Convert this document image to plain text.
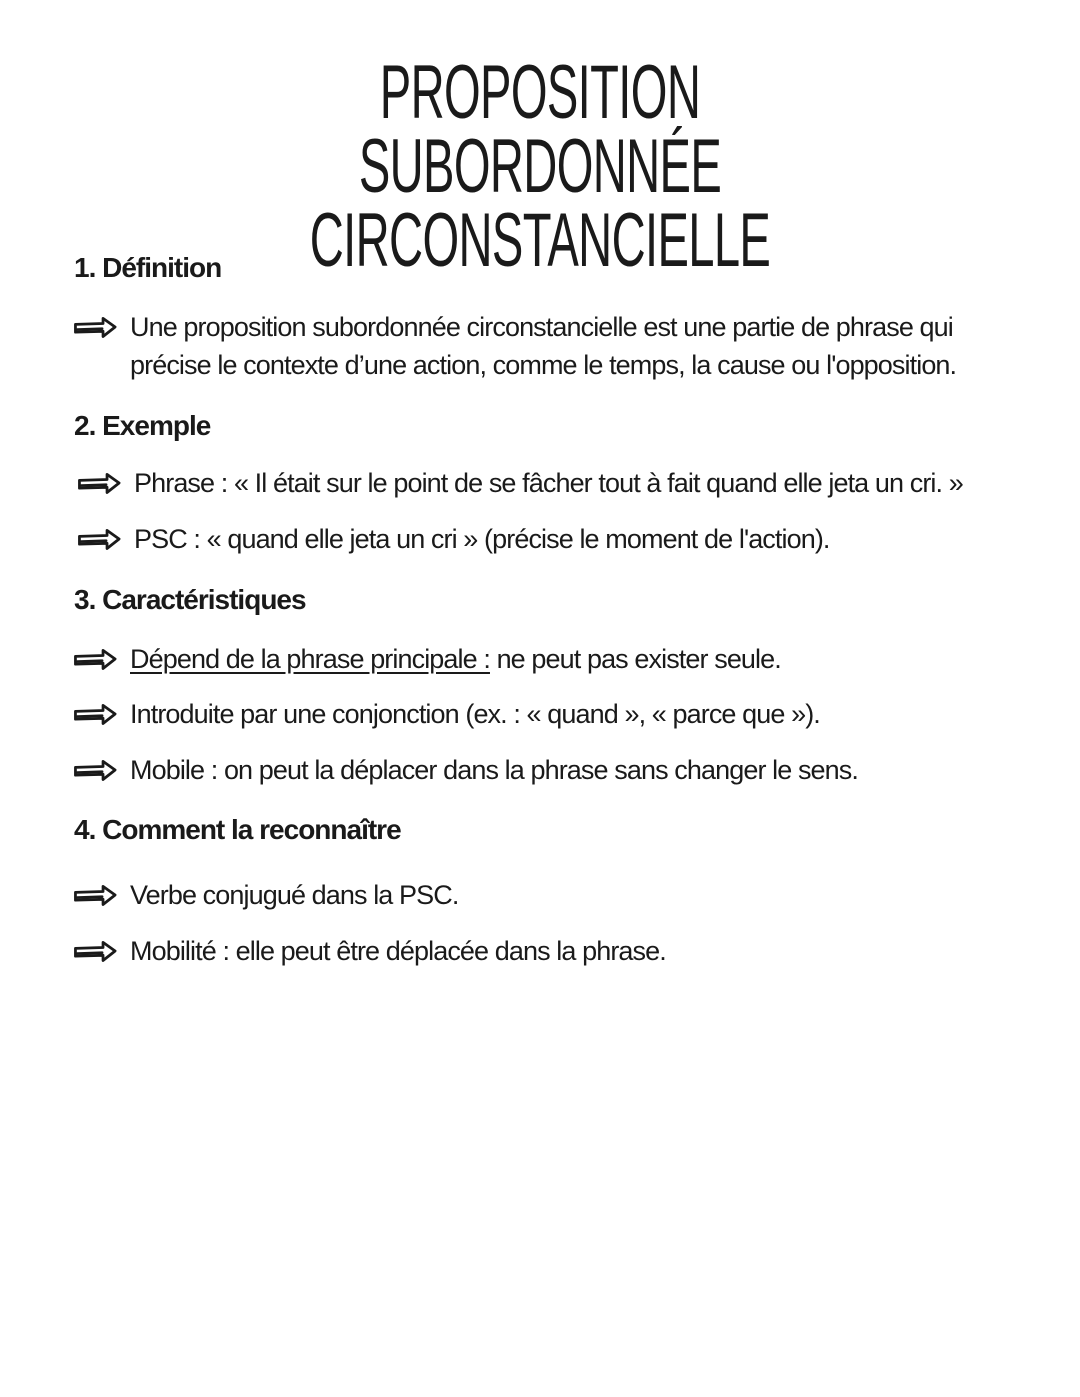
PROPOSITION SUBORDONNÉE
CIRCONSTANCIELLE
1. Définition
Une proposition subordonnée circonstancielle est une partie de phrase qui précise le contexte d’une action, comme le temps, la cause ou l'opposition.
2. Exemple
Phrase : « Il était sur le point de se fâcher tout à fait quand elle jeta un cri. »
PSC : « quand elle jeta un cri » (précise le moment de l'action).
3. Caractéristiques
Dépend de la phrase principale : ne peut pas exister seule.
Introduite par une conjonction (ex. : « quand », « parce que »).
Mobile : on peut la déplacer dans la phrase sans changer le sens.
4. Comment la reconnaître
Verbe conjugué dans la PSC.
Mobilité : elle peut être déplacée dans la phrase.
